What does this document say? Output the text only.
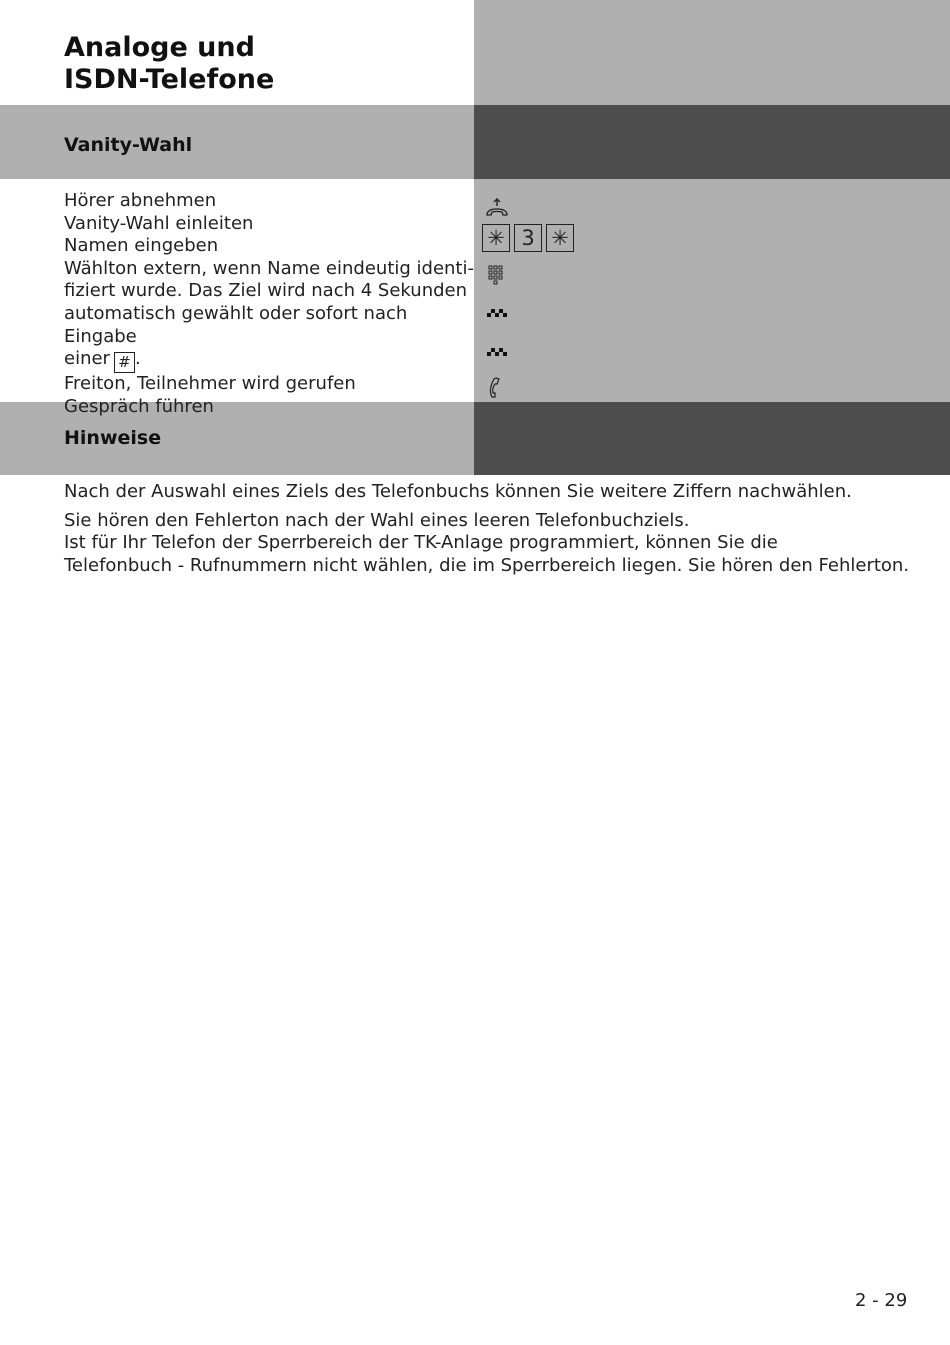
Analoge und
ISDN-Telefone
Vanity-Wahl
Hörer abnehmen
Vanity-Wahl einleiten
Namen eingeben
Wählton extern, wenn Name eindeutig identi-
fiziert wurde. Das Ziel wird nach 4 Sekunden
automatisch gewählt oder sofort nach Eingabe
einer # .
Freiton, Teilnehmer wird gerufen
Gespräch führen
✳ 3 ✳
Hinweise

Nach der Auswahl eines Ziels des Telefonbuchs können Sie weitere Ziffern nachwählen.

Sie hören den Fehlerton nach der Wahl eines leeren Telefonbuchziels.

Ist für Ihr Telefon der Sperrbereich der TK-Anlage programmiert, können Sie die

Telefonbuch - Rufnummern nicht wählen, die im Sperrbereich liegen. Sie hören den Fehlerton.

2 - 29
